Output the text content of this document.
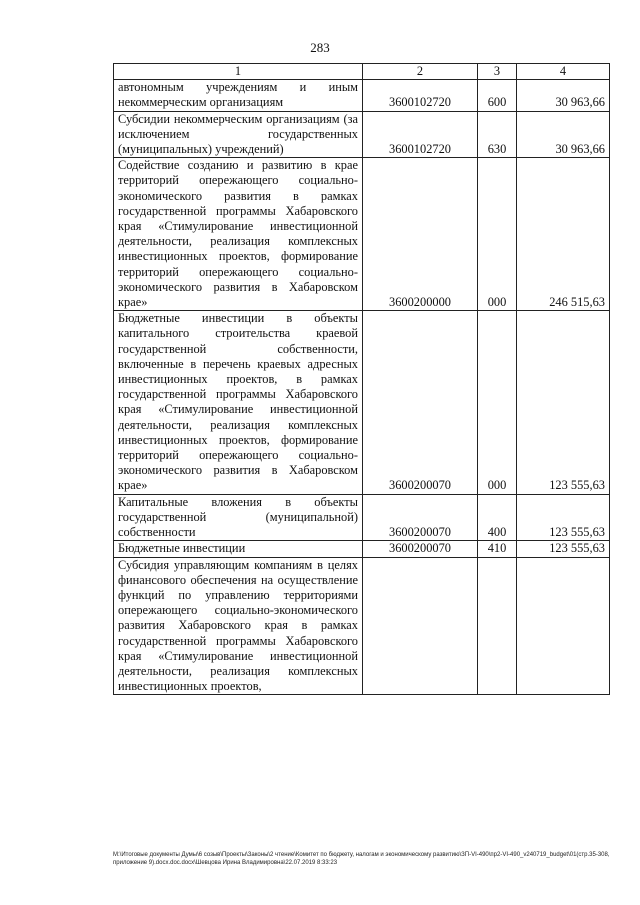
283
1	2	3	4

автономным учреждениям и иным некоммерческим организациям	3600102720	600	30 963,66

Субсидии некоммерческим организациям (за исключением государственных (муниципальных) учреждений)	3600102720	630	30 963,66

Содействие созданию и развитию в крае территорий опережающего социально-экономического развития в рамках государственной программы Хабаровского края «Стимулирование инвестиционной деятельности, реализация комплексных инвестиционных проектов, формирование территорий опережающего социально-экономического развития в Хабаровском крае»	3600200000	000	246 515,63

Бюджетные инвестиции в объекты капитального строительства краевой государственной собственности, включенные в перечень краевых адресных инвестиционных проектов, в рамках государственной программы Хабаровского края «Стимулирование инвестиционной деятельности, реализация комплексных инвестиционных проектов, формирование территорий опережающего социально-экономического развития в Хабаровском крае»	3600200070	000	123 555,63

Капитальные вложения в объекты государственной (муниципальной) собственности	3600200070	400	123 555,63

Бюджетные инвестиции	3600200070	410	123 555,63

Субсидия управляющим компаниям в целях финансового обеспечения на осуществление функций по управлению территориями опережающего социально-экономического развития Хабаровского края в рамках государственной программы Хабаровского края «Стимулирование инвестиционной деятельности, реализация комплексных инвестиционных проектов,			

M:\Итоговые документы Думы\6 созыв\Проекты\Законы\2 чтение\Комитет по бюджету, налогам и экономическому развитию\ЗП-VI-490\пр2-VI-490_v240719_budget\01(стр.35-308, приложение 9).docx.doc.docx\Шевцова Ирина Владимировна\22.07.2019 8:33:23
